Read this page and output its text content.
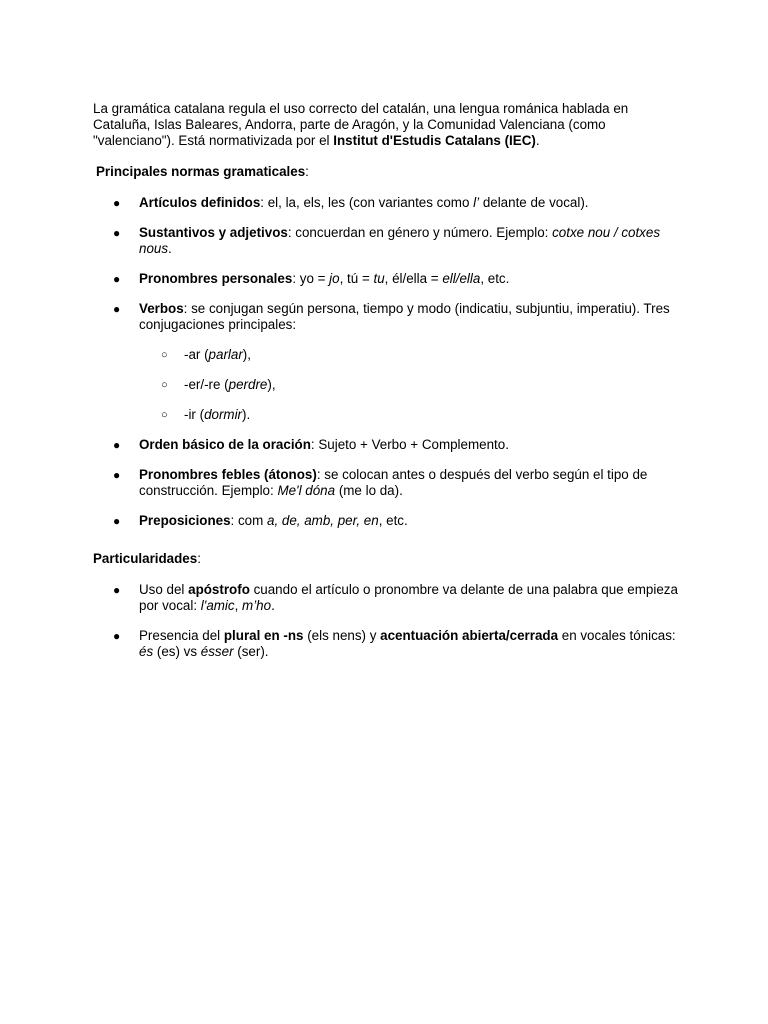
La gramática catalana regula el uso correcto del catalán, una lengua románica hablada en Cataluña, Islas Baleares, Andorra, parte de Aragón, y la Comunidad Valenciana (como "valenciano"). Está normativizada por el Institut d'Estudis Catalans (IEC).

Principales normas gramaticales:

● Artículos definidos: el, la, els, les (con variantes como l’ delante de vocal).
● Sustantivos y adjetivos: concuerdan en género y número. Ejemplo: cotxe nou / cotxes nous.
● Pronombres personales: yo = jo, tú = tu, él/ella = ell/ella, etc.
● Verbos: se conjugan según persona, tiempo y modo (indicatiu, subjuntiu, imperatiu). Tres conjugaciones principales:
○ -ar (parlar),
○ -er/-re (perdre),
○ -ir (dormir).
● Orden básico de la oración: Sujeto + Verbo + Complemento.
● Pronombres febles (átonos): se colocan antes o después del verbo según el tipo de construcción. Ejemplo: Me'l dóna (me lo da).
● Preposiciones: com a, de, amb, per, en, etc.

Particularidades:

● Uso del apóstrofo cuando el artículo o pronombre va delante de una palabra que empieza por vocal: l'amic, m’ho.
● Presencia del plural en -ns (els nens) y acentuación abierta/cerrada en vocales tónicas: és (es) vs ésser (ser).
